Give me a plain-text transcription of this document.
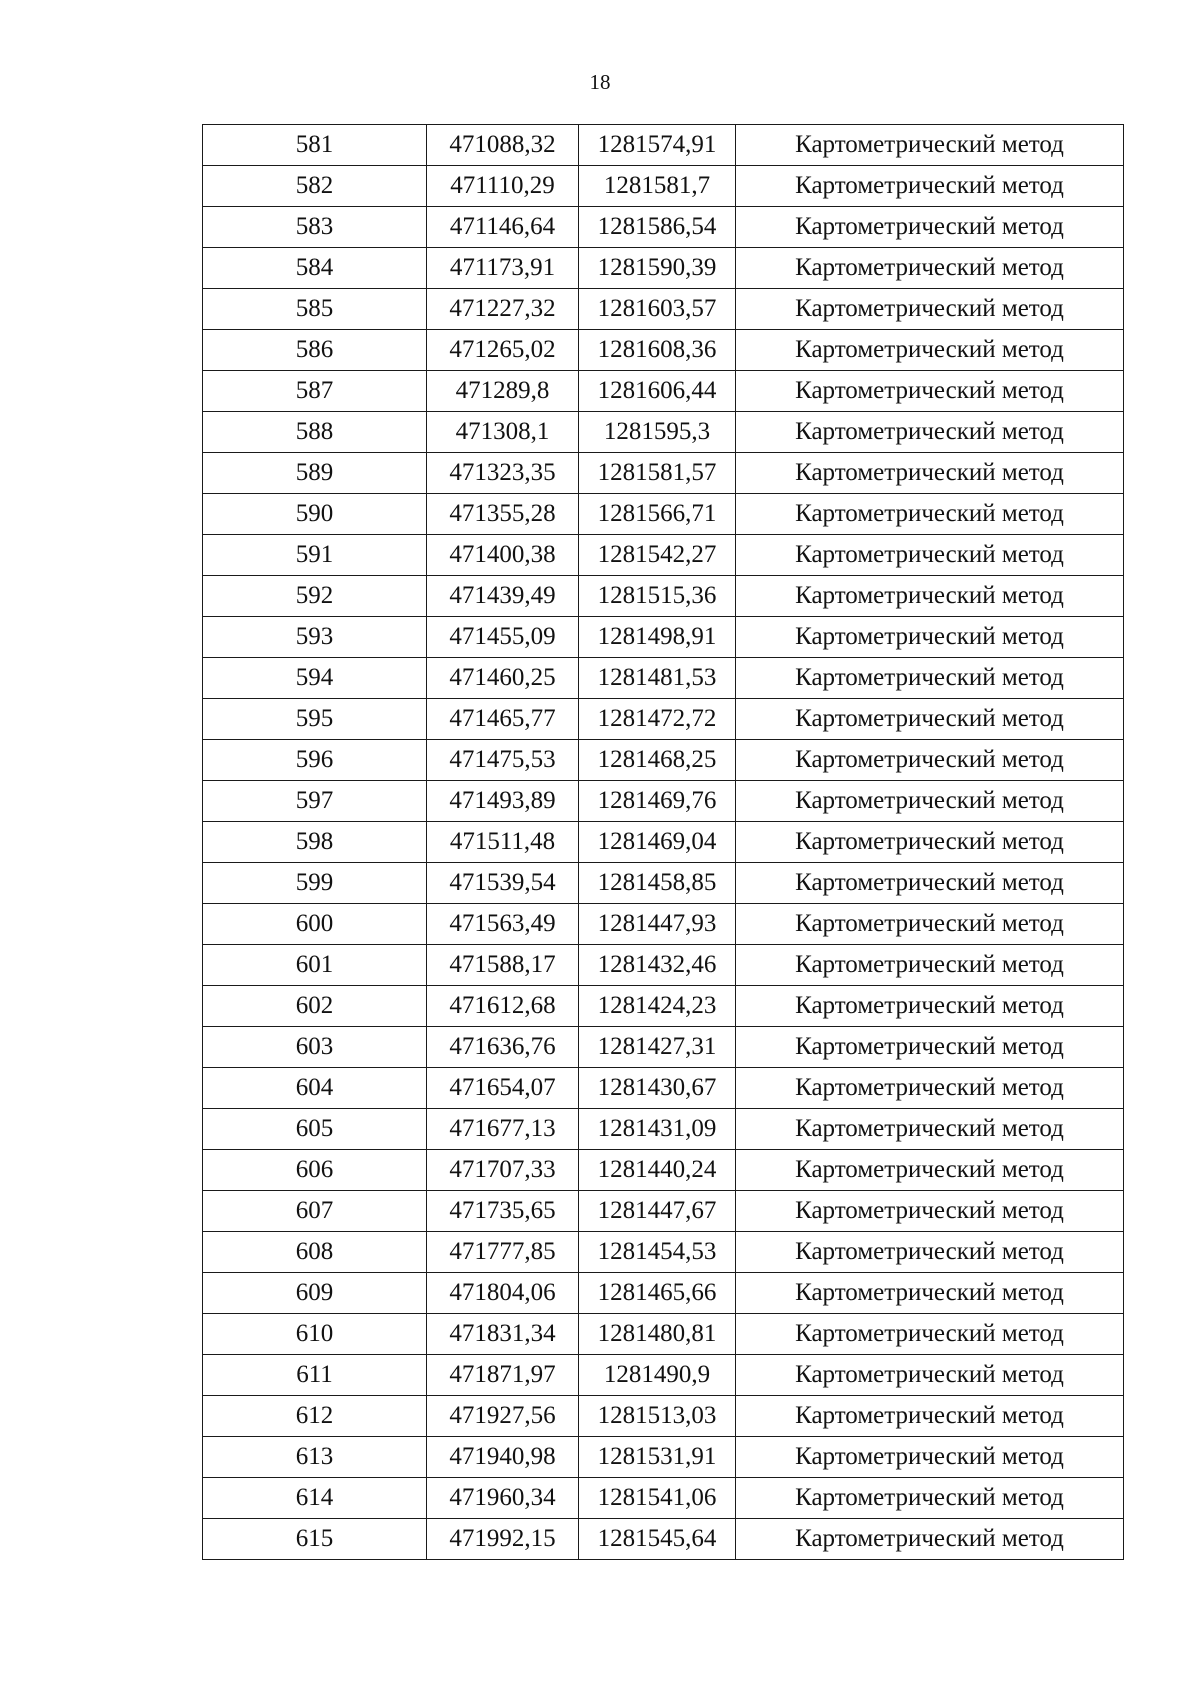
18
581	471088,32	1281574,91	Картометрический метод
582	471110,29	1281581,7	Картометрический метод
583	471146,64	1281586,54	Картометрический метод
584	471173,91	1281590,39	Картометрический метод
585	471227,32	1281603,57	Картометрический метод
586	471265,02	1281608,36	Картометрический метод
587	471289,8	1281606,44	Картометрический метод
588	471308,1	1281595,3	Картометрический метод
589	471323,35	1281581,57	Картометрический метод
590	471355,28	1281566,71	Картометрический метод
591	471400,38	1281542,27	Картометрический метод
592	471439,49	1281515,36	Картометрический метод
593	471455,09	1281498,91	Картометрический метод
594	471460,25	1281481,53	Картометрический метод
595	471465,77	1281472,72	Картометрический метод
596	471475,53	1281468,25	Картометрический метод
597	471493,89	1281469,76	Картометрический метод
598	471511,48	1281469,04	Картометрический метод
599	471539,54	1281458,85	Картометрический метод
600	471563,49	1281447,93	Картометрический метод
601	471588,17	1281432,46	Картометрический метод
602	471612,68	1281424,23	Картометрический метод
603	471636,76	1281427,31	Картометрический метод
604	471654,07	1281430,67	Картометрический метод
605	471677,13	1281431,09	Картометрический метод
606	471707,33	1281440,24	Картометрический метод
607	471735,65	1281447,67	Картометрический метод
608	471777,85	1281454,53	Картометрический метод
609	471804,06	1281465,66	Картометрический метод
610	471831,34	1281480,81	Картометрический метод
611	471871,97	1281490,9	Картометрический метод
612	471927,56	1281513,03	Картометрический метод
613	471940,98	1281531,91	Картометрический метод
614	471960,34	1281541,06	Картометрический метод
615	471992,15	1281545,64	Картометрический метод
